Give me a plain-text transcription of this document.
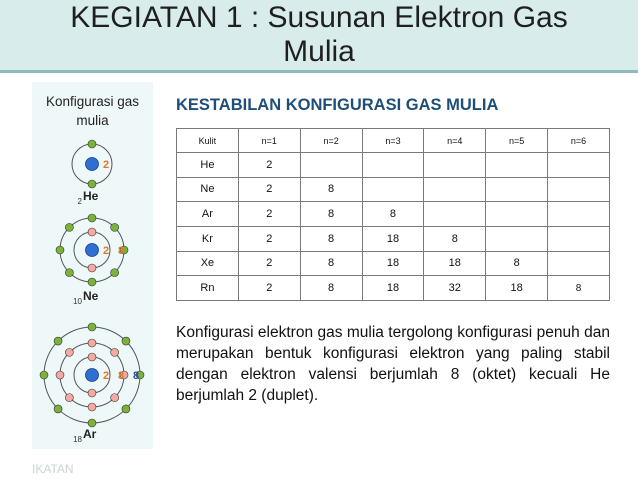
KEGIATAN 1 : Susunan Elektron Gas
Mulia
Konfigurasi gas
mulia
2
2 He
2 8
10 Ne
2 8 8
18 Ar
KESTABILAN KONFIGURASI GAS MULIA
Kulit	n=1	n=2	n=3	n=4	n=5	n=6
He	2					
Ne	2	8				
Ar	2	8	8			
Kr	2	8	18	8		
Xe	2	8	18	18	8	
Rn	2	8	18	32	18	8
Konfigurasi elektron gas mulia tergolong konfigurasi penuh dan merupakan bentuk konfigurasi elektron yang paling stabil dengan elektron valensi berjumlah 8 (oktet) kecuali He berjumlah 2 (duplet).
IKATAN
